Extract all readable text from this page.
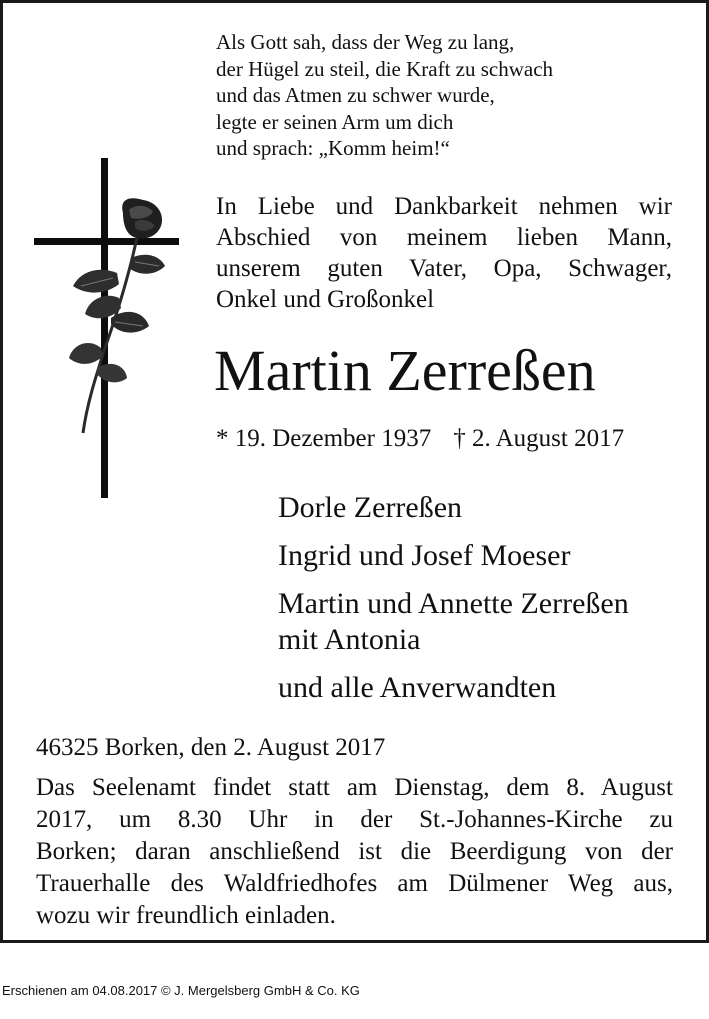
Als Gott sah, dass der Weg zu lang,
der Hügel zu steil, die Kraft zu schwach
und das Atmen zu schwer wurde,
legte er seinen Arm um dich
und sprach: „Komm heim!“
In Liebe und Dankbarkeit nehmen wir
Abschied von meinem lieben Mann,
unserem guten Vater, Opa, Schwager,
Onkel und Großonkel
Martin Zerreßen
* 19. Dezember 1937 † 2. August 2017
Dorle Zerreßen
Ingrid und Josef Moeser
Martin und Annette Zerreßen
mit Antonia
und alle Anverwandten
46325 Borken, den 2. August 2017
Das Seelenamt findet statt am Dienstag, dem 8. August
2017, um 8.30 Uhr in der St.-Johannes-Kirche zu
Borken; daran anschließend ist die Beerdigung von der
Trauerhalle des Waldfriedhofes am Dülmener Weg aus,
wozu wir freundlich einladen.
Erschienen am 04.08.2017 © J. Mergelsberg GmbH & Co. KG
